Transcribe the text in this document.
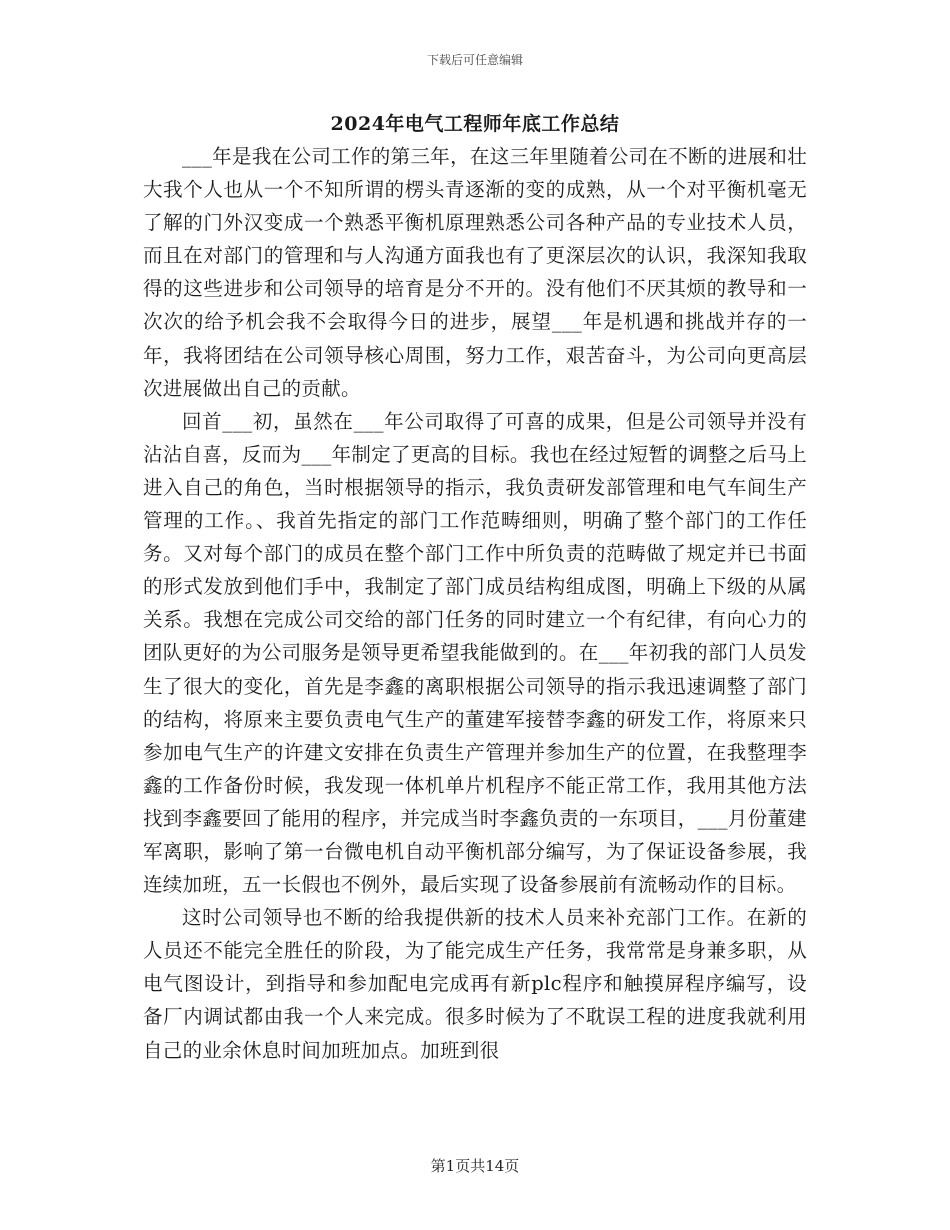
下载后可任意编辑
2024年电气工程师年底工作总结

___年是我在公司工作的第三年，在这三年里随着公司在不断的进展和壮大我个人也从一个不知所谓的楞头青逐渐的变的成熟，从一个对平衡机毫无了解的门外汉变成一个熟悉平衡机原理熟悉公司各种产品的专业技术人员，而且在对部门的管理和与人沟通方面我也有了更深层次的认识，我深知我取得的这些进步和公司领导的培育是分不开的。没有他们不厌其烦的教导和一次次的给予机会我不会取得今日的进步，展望___年是机遇和挑战并存的一年，我将团结在公司领导核心周围，努力工作，艰苦奋斗，为公司向更高层次进展做出自己的贡献。

回首___初，虽然在___年公司取得了可喜的成果，但是公司领导并没有沾沾自喜，反而为___年制定了更高的目标。我也在经过短暂的调整之后马上进入自己的角色，当时根据领导的指示，我负责研发部管理和电气车间生产管理的工作。、我首先指定的部门工作范畴细则，明确了整个部门的工作任务。又对每个部门的成员在整个部门工作中所负责的范畴做了规定并已书面的形式发放到他们手中，我制定了部门成员结构组成图，明确上下级的从属关系。我想在完成公司交给的部门任务的同时建立一个有纪律，有向心力的团队更好的为公司服务是领导更希望我能做到的。在___年初我的部门人员发生了很大的变化，首先是李鑫的离职根据公司领导的指示我迅速调整了部门的结构，将原来主要负责电气生产的董建军接替李鑫的研发工作，将原来只参加电气生产的许建文安排在负责生产管理并参加生产的位置，在我整理李鑫的工作备份时候，我发现一体机单片机程序不能正常工作，我用其他方法找到李鑫要回了能用的程序，并完成当时李鑫负责的一东项目，___月份董建军离职，影响了第一台微电机自动平衡机部分编写，为了保证设备参展，我连续加班，五一长假也不例外，最后实现了设备参展前有流畅动作的目标。

这时公司领导也不断的给我提供新的技术人员来补充部门工作。在新的人员还不能完全胜任的阶段，为了能完成生产任务，我常常是身兼多职，从电气图设计，到指导和参加配电完成再有新plc程序和触摸屏程序编写，设备厂内调试都由我一个人来完成。很多时候为了不耽误工程的进度我就利用自己的业余休息时间加班加点。加班到很

第1页共14页
